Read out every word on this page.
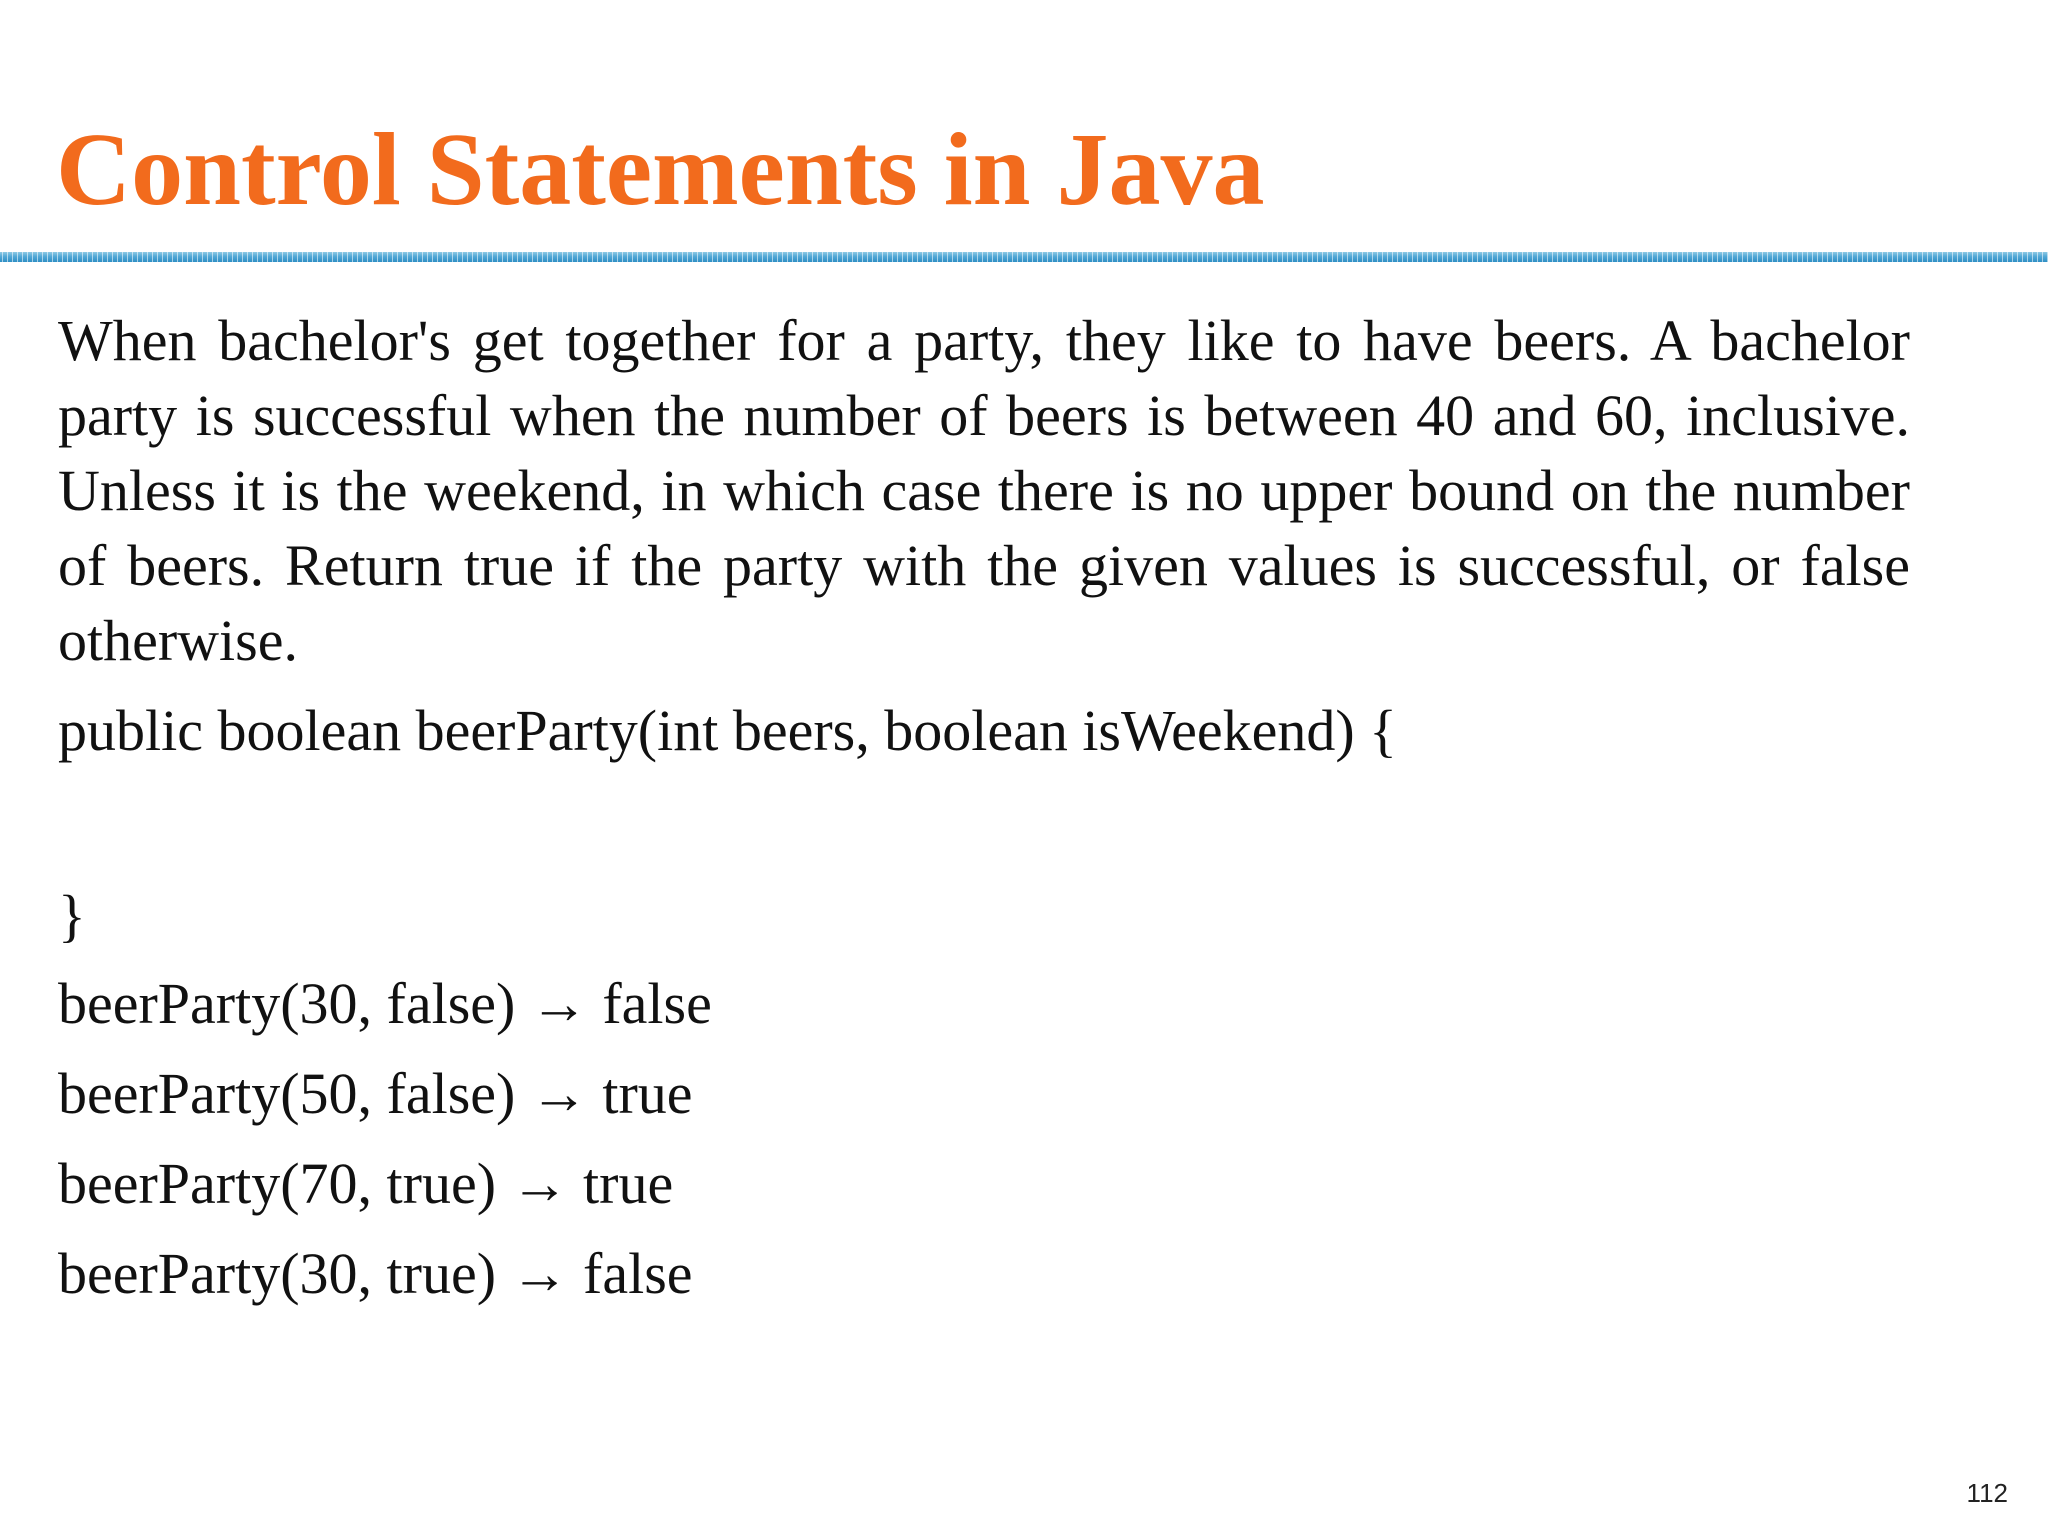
Control Statements in Java

When bachelor's get together for a party, they like to have beers. A bachelor party is successful when the number of beers is between 40 and 60, inclusive. Unless it is the weekend, in which case there is no upper bound on the number of beers. Return true if the party with the given values is successful, or false otherwise.

public boolean beerParty(int beers, boolean isWeekend) {

}

beerParty(30, false) → false

beerParty(50, false) → true

beerParty(70, true) → true

beerParty(30, true) → false

112
